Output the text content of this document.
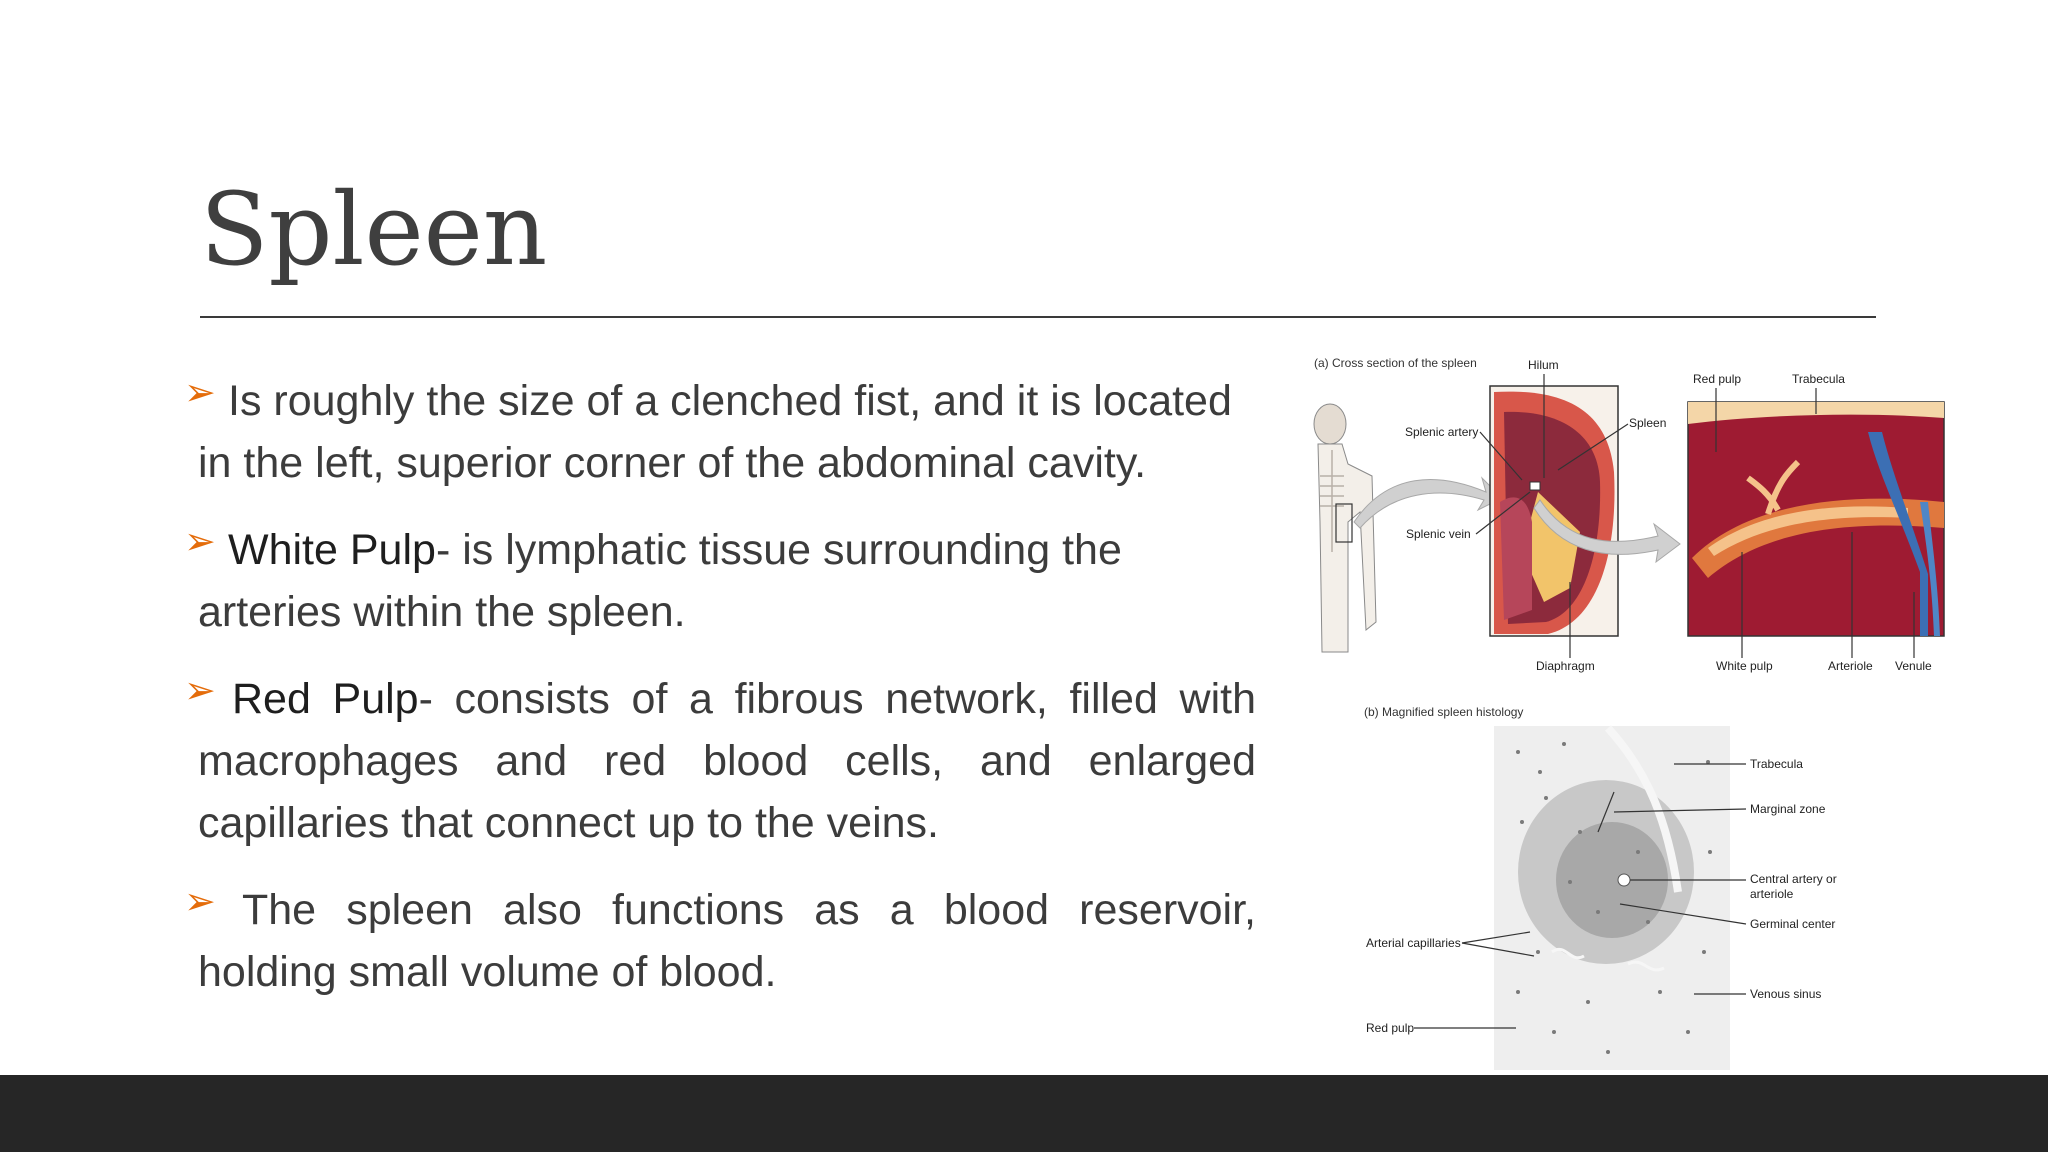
Spleen
➢ Is roughly the size of a clenched fist, and it is located in the left, superior corner of the abdominal cavity.
➢ White Pulp- is lymphatic tissue surrounding the arteries within the spleen.
➢ Red Pulp- consists of a fibrous network, filled with macrophages and red blood cells, and enlarged capillaries that connect up to the veins.
➢ The spleen also functions as a blood reservoir, holding small volume of blood.
(a) Cross section of the spleen	Hilum
Splenic artery
Splenic vein
Spleen
Diaphragm
Red pulp	Trabecula
White pulp	Arteriole Venule
(b) Magnified spleen histology
Trabecula
Marginal zone
Central artery or
arteriole
Germinal center
Arterial capillaries
Venous sinus
Red pulp
